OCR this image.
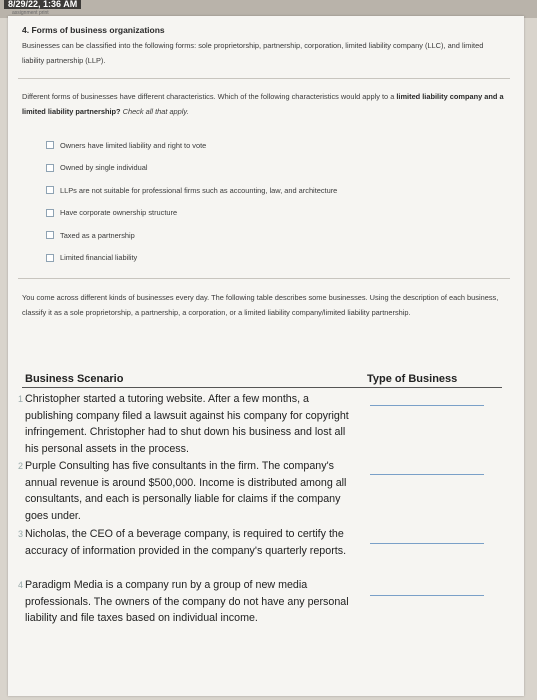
8/29/22, 1:36 AM
assignment print
4. Forms of business organizations
Businesses can be classified into the following forms: sole proprietorship, partnership, corporation, limited liability company (LLC), and limited liability partnership (LLP).
Different forms of businesses have different characteristics. Which of the following characteristics would apply to a limited liability company and a limited liability partnership? Check all that apply.
Owners have limited liability and right to vote
Owned by single individual
LLPs are not suitable for professional firms such as accounting, law, and architecture
Have corporate ownership structure
Taxed as a partnership
Limited financial liability
You come across different kinds of businesses every day. The following table describes some businesses. Using the description of each business, classify it as a sole proprietorship, a partnership, a corporation, or a limited liability company/limited liability partnership.
Business Scenario	Type of Business
1 Christopher started a tutoring website. After a few months, a publishing company filed a lawsuit against his company for copyright infringement. Christopher had to shut down his business and lost all his personal assets in the process.
2 Purple Consulting has five consultants in the firm. The company's annual revenue is around $500,000. Income is distributed among all consultants, and each is personally liable for claims if the company goes under.
3 Nicholas, the CEO of a beverage company, is required to certify the accuracy of information provided in the company's quarterly reports.
4 Paradigm Media is a company run by a group of new media professionals. The owners of the company do not have any personal liability and file taxes based on individual income.
